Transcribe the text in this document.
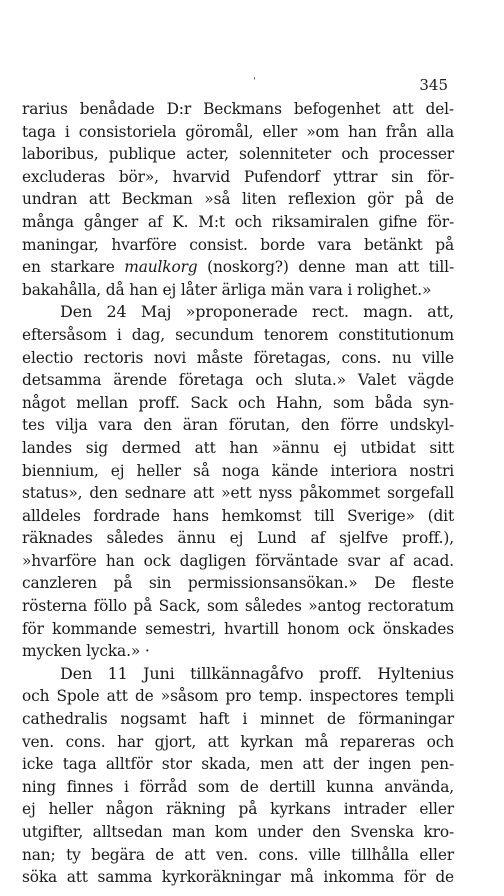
ˌ
345
rarius benådade D:r Beckmans befogenhet att del-
taga i consistoriela göromål, eller »om han från alla
laboribus, publique acter, solenniteter och processer
excluderas bör», hvarvid Pufendorf yttrar sin för-
undran att Beckman »så liten reflexion gör på de
många gånger af K. M:t och riksamiralen gifne för-
maningar, hvarföre consist. borde vara betänkt på
en starkare maulkorg (noskorg?) denne man att till-
bakahålla, då han ej låter ärliga män vara i rolighet.»
Den 24 Maj »proponerade rect. magn. att,
eftersåsom i dag, secundum tenorem constitutionum
electio rectoris novi måste företagas, cons. nu ville
detsamma ärende företaga och sluta.» Valet vägde
något mellan proff. Sack och Hahn, som båda syn-
tes vilja vara den äran förutan, den förre undskyl-
landes sig dermed att han »ännu ej utbidat sitt
biennium, ej heller så noga kände interiora nostri
status», den sednare att »ett nyss påkommet sorgefall
alldeles fordrade hans hemkomst till Sverige» (dit
räknades således ännu ej Lund af sjelfve proff.),
»hvarföre han ock dagligen förväntade svar af acad.
canzleren på sin permissionsansökan.» De fleste
rösterna föllo på Sack, som således »antog rectoratum
för kommande semestri, hvartill honom ock önskades
mycken lycka.» ·
Den 11 Juni tillkännagåfvo proff. Hyltenius
och Spole att de »såsom pro temp. inspectores templi
cathedralis nogsamt haft i minnet de förmaningar
ven. cons. har gjort, att kyrkan må repareras och
icke taga alltför stor skada, men att der ingen pen-
ning finnes i förråd som de dertill kunna använda,
ej heller någon räkning på kyrkans intrader eller
utgifter, alltsedan man kom under den Svenska kro-
nan; ty begära de att ven. cons. ville tillhålla eller
söka att samma kyrkoräkningar må inkomma för de
